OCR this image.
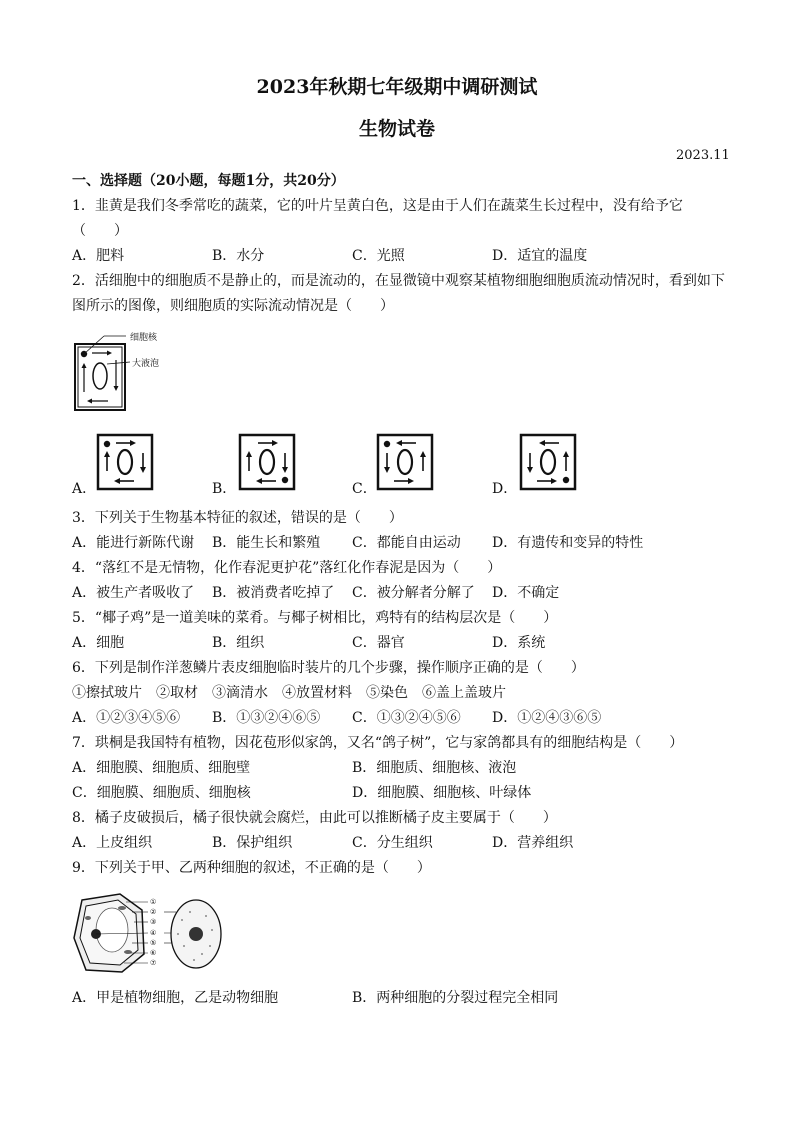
2023年秋期七年级期中调研测试
生物试卷
2023.11
一、选择题（20小题，每题1分，共20分）
1．韭黄是我们冬季常吃的蔬菜，它的叶片呈黄白色，这是由于人们在蔬菜生长过程中，没有给予它
（　　）
A．肥料	B．水分	C．光照	D．适宜的温度
2．活细胞中的细胞质不是静止的，而是流动的，在显微镜中观察某植物细胞细胞质流动情况时，看到如下
图所示的图像，则细胞质的实际流动情况是（　　）
细胞核
大液泡
A．	B．	C．	D．
3．下列关于生物基本特征的叙述，错误的是（　　）
A．能进行新陈代谢 B．能生长和繁殖 C．都能自由运动 D．有遗传和变异的特性
4．“落红不是无情物，化作春泥更护花”落红化作春泥是因为（　　）
A．被生产者吸收了 B．被消费者吃掉了 C．被分解者分解了 D．不确定
5．“椰子鸡”是一道美味的菜肴。与椰子树相比，鸡特有的结构层次是（　　）
A．细胞	B．组织	C．器官	D．系统
6．下列是制作洋葱鳞片表皮细胞临时装片的几个步骤，操作顺序正确的是（　　）
①擦拭玻片　②取材　③滴清水　④放置材料　⑤染色　⑥盖上盖玻片
A．①②③④⑤⑥ B．①③②④⑥⑤ C．①③②④⑤⑥ D．①②④③⑥⑤
7．珙桐是我国特有植物，因花苞形似家鸽，又名“鸽子树”，它与家鸽都具有的细胞结构是（　　）
A．细胞膜、细胞质、细胞壁	B．细胞质、细胞核、液泡
C．细胞膜、细胞质、细胞核	D．细胞膜、细胞核、叶绿体
8．橘子皮破损后，橘子很快就会腐烂，由此可以推断橘子皮主要属于（　　）
A．上皮组织	B．保护组织	C．分生组织	D．营养组织
9．下列关于甲、乙两种细胞的叙述，不正确的是（　　）
①
②
③
④
⑤
⑥
⑦
A．甲是植物细胞，乙是动物细胞	B．两种细胞的分裂过程完全相同
